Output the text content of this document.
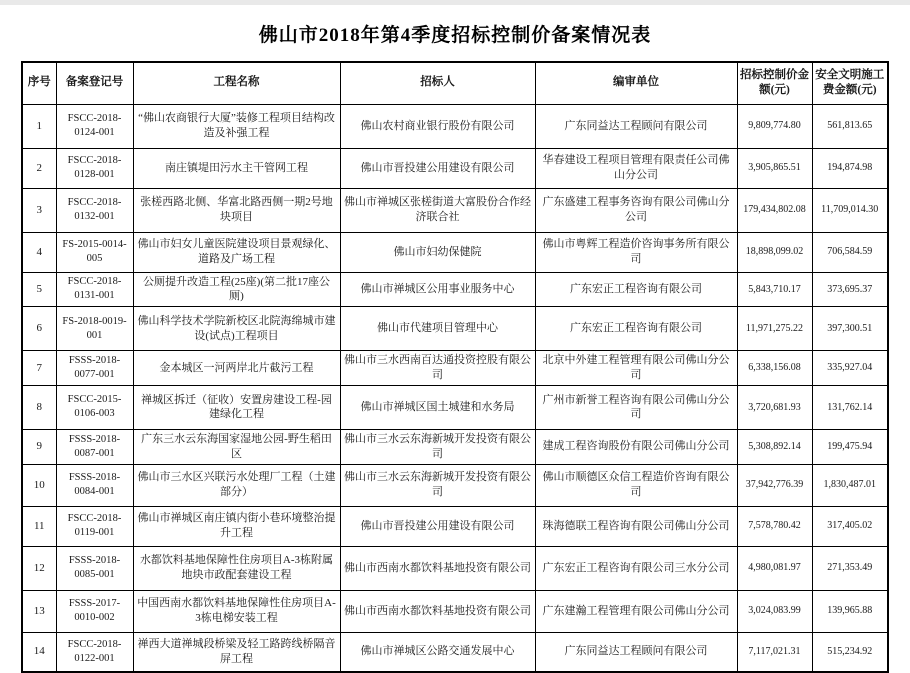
佛山市2018年第4季度招标控制价备案情况表
序号	备案登记号	工程名称	招标人	编审单位	招标控制价金额(元)	安全文明施工费金额(元)
1	FSCC-2018-0124-001	“佛山农商银行大厦”装修工程项目结构改造及补强工程	佛山农村商业银行股份有限公司	广东同益达工程顾问有限公司	9,809,774.80	561,813.65
2	FSCC-2018-0128-001	南庄镇堤田污水主干管网工程	佛山市晋投建公用建设有限公司	华春建设工程项目管理有限责任公司佛山分公司	3,905,865.51	194,874.98
3	FSCC-2018-0132-001	张槎西路北侧、华富北路西侧一期2号地块项目	佛山市禅城区张槎街道大富股份合作经济联合社	广东盛建工程事务咨询有限公司佛山分公司	179,434,802.08	11,709,014.30
4	FS-2015-0014-005	佛山市妇女儿童医院建设项目景观绿化、道路及广场工程	佛山市妇幼保健院	佛山市粤辉工程造价咨询事务所有限公司	18,898,099.02	706,584.59
5	FSCC-2018-0131-001	公厕提升改造工程(25座)(第二批17座公厕)	佛山市禅城区公用事业服务中心	广东宏正工程咨询有限公司	5,843,710.17	373,695.37
6	FS-2018-0019-001	佛山科学技术学院新校区北院海绵城市建设(试点)工程项目	佛山市代建项目管理中心	广东宏正工程咨询有限公司	11,971,275.22	397,300.51
7	FSSS-2018-0077-001	金本城区一河两岸北片截污工程	佛山市三水西南百达通投资控股有限公司	北京中外建工程管理有限公司佛山分公司	6,338,156.08	335,927.04
8	FSCC-2015-0106-003	禅城区拆迁（征收）安置房建设工程-园建绿化工程	佛山市禅城区国土城建和水务局	广州市新誉工程咨询有限公司佛山分公司	3,720,681.93	131,762.14
9	FSSS-2018-0087-001	广东三水云东海国家湿地公园-野生稻田区	佛山市三水云东海新城开发投资有限公司	建成工程咨询股份有限公司佛山分公司	5,308,892.14	199,475.94
10	FSSS-2018-0084-001	佛山市三水区兴联污水处理厂工程（土建部分）	佛山市三水云东海新城开发投资有限公司	佛山市顺德区众信工程造价咨询有限公司	37,942,776.39	1,830,487.01
11	FSCC-2018-0119-001	佛山市禅城区南庄镇内街小巷环境整治提升工程	佛山市晋投建公用建设有限公司	珠海德联工程咨询有限公司佛山分公司	7,578,780.42	317,405.02
12	FSSS-2018-0085-001	水都饮料基地保障性住房项目A-3栋附属地块市政配套建设工程	佛山市西南水都饮料基地投资有限公司	广东宏正工程咨询有限公司三水分公司	4,980,081.97	271,353.49
13	FSSS-2017-0010-002	中国西南水都饮料基地保障性住房项目A-3栋电梯安装工程	佛山市西南水都饮料基地投资有限公司	广东建瀚工程管理有限公司佛山分公司	3,024,083.99	139,965.88
14	FSCC-2018-0122-001	禅西大道禅城段桥梁及轻工路跨线桥隔音屏工程	佛山市禅城区公路交通发展中心	广东同益达工程顾问有限公司	7,117,021.31	515,234.92
